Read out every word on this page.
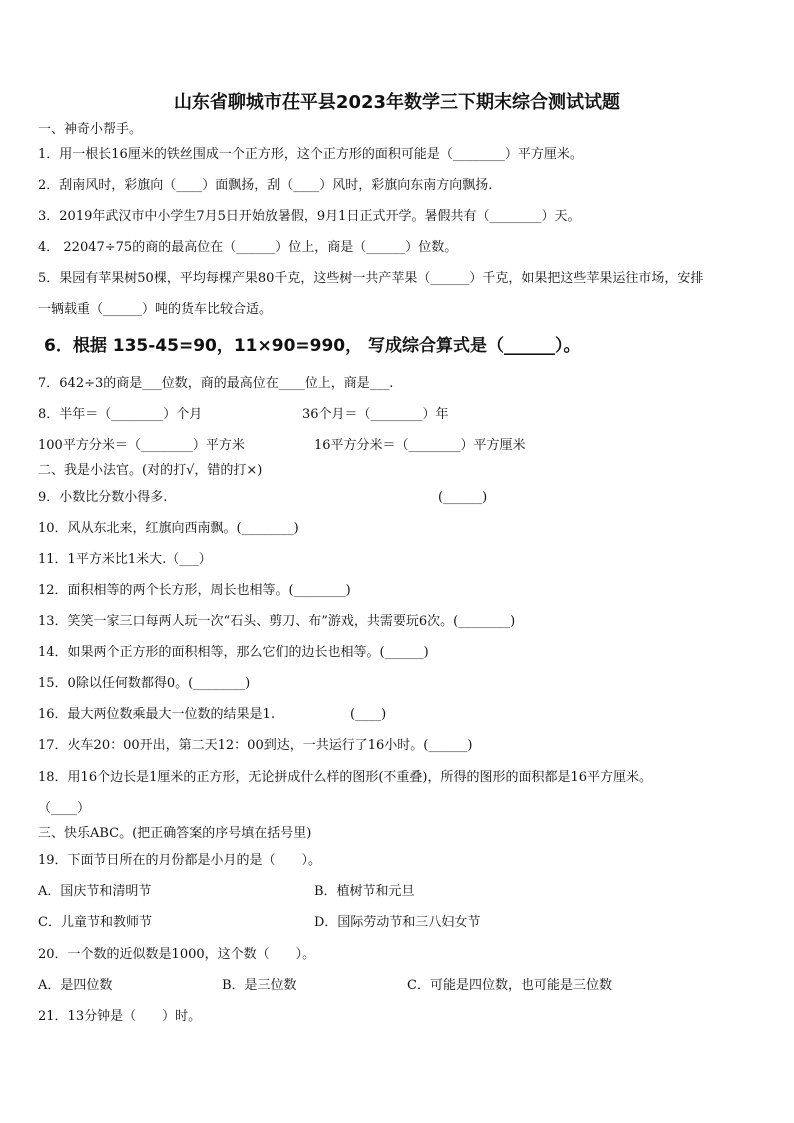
山东省聊城市茌平县2023年数学三下期末综合测试试题
一、神奇小帮手。
1．用一根长16厘米的铁丝围成一个正方形，这个正方形的面积可能是（________）平方厘米。
2．刮南风时，彩旗向（____）面飘扬，刮（____）风时，彩旗向东南方向飘扬.
3．2019年武汉市中小学生7月5日开始放暑假，9月1日正式开学。暑假共有（________）天。
4． 22047÷75的商的最高位在（______）位上，商是（______）位数。
5．果园有苹果树50棵，平均每棵产果80千克，这些树一共产苹果（______）千克，如果把这些苹果运往市场，安排
一辆载重（______）吨的货车比较合适。
6．根据 135-45=90，11×90=990， 写成综合算式是（______）。
7．642÷3的商是___位数，商的最高位在____位上，商是___.
8．半年＝（________）个月	36个月＝（________）年
100平方分米＝（________）平方米	16平方分米＝（________）平方厘米
二、我是小法官。(对的打√，错的打×)
9．小数比分数小得多.	(______)
10．风从东北来，红旗向西南飘。(________)
11．1平方米比1米大.（___）
12．面积相等的两个长方形，周长也相等。(________)
13．笑笑一家三口每两人玩一次“石头、剪刀、布”游戏，共需要玩6次。(________)
14．如果两个正方形的面积相等，那么它们的边长也相等。(______)
15．0除以任何数都得0。(________)
16．最大两位数乘最大一位数的结果是1.	(____)
17．火车20：00开出，第二天12：00到达，一共运行了16小时。(______)
18．用16个边长是1厘米的正方形，无论拼成什么样的图形(不重叠)，所得的图形的面积都是16平方厘米。
（____）
三、快乐ABC。(把正确答案的序号填在括号里)
19．下面节日所在的月份都是小月的是（　　）。
A．国庆节和清明节	B．植树节和元旦
C．儿童节和教师节	D．国际劳动节和三八妇女节
20．一个数的近似数是1000，这个数（　　）。
A．是四位数	B．是三位数	C．可能是四位数，也可能是三位数
21．13分钟是（　　）时。
